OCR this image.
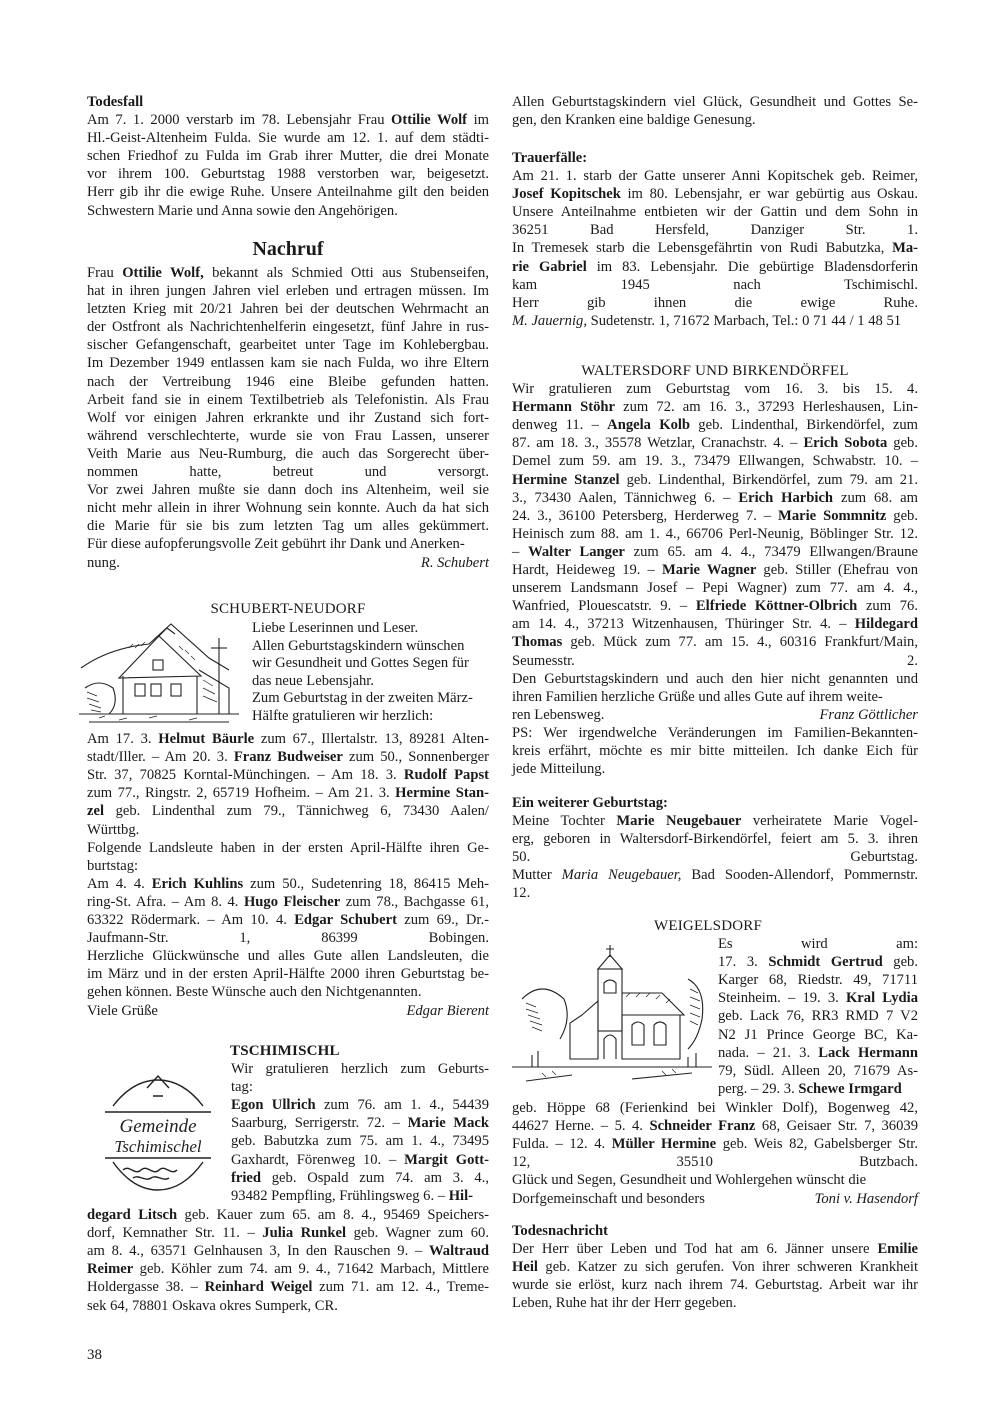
Todesfall

Am 7. 1. 2000 verstarb im 78. Lebensjahr Frau Ottilie Wolf im
Hl.-Geist-Altenheim Fulda. Sie wurde am 12. 1. auf dem städti-
schen Friedhof zu Fulda im Grab ihrer Mutter, die drei Monate
vor ihrem 100. Geburtstag 1988 verstorben war, beigesetzt.
Herr gib ihr die ewige Ruhe. Unsere Anteilnahme gilt den beiden
Schwestern Marie und Anna sowie den Angehörigen.

Nachruf

Frau Ottilie Wolf, bekannt als Schmied Otti aus Stubenseifen,
hat in ihren jungen Jahren viel erleben und ertragen müssen. Im
letzten Krieg mit 20/21 Jahren bei der deutschen Wehrmacht an
der Ostfront als Nachrichtenhelferin eingesetzt, fünf Jahre in rus-
sischer Gefangenschaft, gearbeitet unter Tage im Kohlebergbau.
Im Dezember 1949 entlassen kam sie nach Fulda, wo ihre Eltern
nach der Vertreibung 1946 eine Bleibe gefunden hatten.
Arbeit fand sie in einem Textilbetrieb als Telefonistin. Als Frau
Wolf vor einigen Jahren erkrankte und ihr Zustand sich fort-
während verschlechterte, wurde sie von Frau Lassen, unserer
Veith Marie aus Neu-Rumburg, die auch das Sorgerecht über-
nommen hatte, betreut und versorgt.
Vor zwei Jahren mußte sie dann doch ins Altenheim, weil sie
nicht mehr allein in ihrer Wohnung sein konnte. Auch da hat sich
die Marie für sie bis zum letzten Tag um alles gekümmert.
Für diese aufopferungsvolle Zeit gebührt ihr Dank und Anerken-
nung.	R. Schubert

SCHUBERT-NEUDORF

Liebe Leserinnen und Leser.
Allen Geburtstagskindern wünschen
wir Gesundheit und Gottes Segen für
das neue Lebensjahr.
Zum Geburtstag in der zweiten März-
Hälfte gratulieren wir herzlich:
Am 17. 3. Helmut Bäurle zum 67., Illertalstr. 13, 89281 Alten-
stadt/Iller. – Am 20. 3. Franz Budweiser zum 50., Sonnenberger
Str. 37, 70825 Korntal-Münchingen. – Am 18. 3. Rudolf Papst
zum 77., Ringstr. 2, 65719 Hofheim. – Am 21. 3. Hermine Stan-
zel geb. Lindenthal zum 79., Tännichweg 6, 73430 Aalen/
Württbg.
Folgende Landsleute haben in der ersten April-Hälfte ihren Ge-
burtstag:
Am 4. 4. Erich Kuhlins zum 50., Sudetenring 18, 86415 Meh-
ring-St. Afra. – Am 8. 4. Hugo Fleischer zum 78., Bachgasse 61,
63322 Rödermark. – Am 10. 4. Edgar Schubert zum 69., Dr.-
Jaufmann-Str. 1, 86399 Bobingen.
Herzliche Glückwünsche und alles Gute allen Landsleuten, die
im März und in der ersten April-Hälfte 2000 ihren Geburtstag be-
gehen können. Beste Wünsche auch den Nichtgenannten.
Viele Grüße	Edgar Bierent

TSCHIMISCHL

Gemeinde
Tschimischel
Wir gratulieren herzlich zum Geburts-
tag:
Egon Ullrich zum 76. am 1. 4., 54439
Saarburg, Serrigerstr. 72. – Marie Mack
geb. Babutzka zum 75. am 1. 4., 73495
Gaxhardt, Förenweg 10. – Margit Gott-
fried geb. Ospald zum 74. am 3. 4.,
93482 Pempfling, Frühlingsweg 6. – Hil-
degard Litsch geb. Kauer zum 65. am 8. 4., 95469 Speichers-
dorf, Kemnather Str. 11. – Julia Runkel geb. Wagner zum 60.
am 8. 4., 63571 Gelnhausen 3, In den Rauschen 9. – Waltraud
Reimer geb. Köhler zum 74. am 9. 4., 71642 Marbach, Mittlere
Holdergasse 38. – Reinhard Weigel zum 71. am 12. 4., Treme-
sek 64, 78801 Oskava okres Sumperk, CR.
Allen Geburtstagskindern viel Glück, Gesundheit und Gottes Se-
gen, den Kranken eine baldige Genesung.

Trauerfälle:

Am 21. 1. starb der Gatte unserer Anni Kopitschek geb. Reimer,
Josef Kopitschek im 80. Lebensjahr, er war gebürtig aus Oskau.
Unsere Anteilnahme entbieten wir der Gattin und dem Sohn in
36251 Bad Hersfeld, Danziger Str. 1.
In Tremesek starb die Lebensgefährtin von Rudi Babutzka, Ma-
rie Gabriel im 83. Lebensjahr. Die gebürtige Bladensdorferin
kam 1945 nach Tschimischl.
Herr gib ihnen die ewige Ruhe.
M. Jauernig, Sudetenstr. 1, 71672 Marbach, Tel.: 0 71 44 / 1 48 51

WALTERSDORF UND BIRKENDÖRFEL

Wir gratulieren zum Geburtstag vom 16. 3. bis 15. 4.
Hermann Stöhr zum 72. am 16. 3., 37293 Herleshausen, Lin-
denweg 11. – Angela Kolb geb. Lindenthal, Birkendörfel, zum
87. am 18. 3., 35578 Wetzlar, Cranachstr. 4. – Erich Sobota geb.
Demel zum 59. am 19. 3., 73479 Ellwangen, Schwabstr. 10. –
Hermine Stanzel geb. Lindenthal, Birkendörfel, zum 79. am 21.
3., 73430 Aalen, Tännichweg 6. – Erich Harbich zum 68. am
24. 3., 36100 Petersberg, Herderweg 7. – Marie Sommnitz geb.
Heinisch zum 88. am 1. 4., 66706 Perl-Neunig, Böblinger Str. 12.
– Walter Langer zum 65. am 4. 4., 73479 Ellwangen/Braune
Hardt, Heideweg 19. – Marie Wagner geb. Stiller (Ehefrau von
unserem Landsmann Josef – Pepi Wagner) zum 77. am 4. 4.,
Wanfried, Plouescatstr. 9. – Elfriede Köttner-Olbrich zum 76.
am 14. 4., 37213 Witzenhausen, Thüringer Str. 4. – Hildegard
Thomas geb. Mück zum 77. am 15. 4., 60316 Frankfurt/Main,
Seumesstr. 2.
Den Geburtstagskindern und auch den hier nicht genannten und
ihren Familien herzliche Grüße und alles Gute auf ihrem weite-
ren Lebensweg.	Franz Göttlicher
PS: Wer irgendwelche Veränderungen im Familien-Bekannten-
kreis erfährt, möchte es mir bitte mitteilen. Ich danke Eich für
jede Mitteilung.

Ein weiterer Geburtstag:

Meine Tochter Marie Neugebauer verheiratete Marie Vogel-
erg, geboren in Waltersdorf-Birkendörfel, feiert am 5. 3. ihren
50. Geburtstag.
Mutter Maria Neugebauer, Bad Sooden-Allendorf, Pommernstr.
12.

WEIGELSDORF

Es wird am:
17. 3. Schmidt Gertrud geb.
Karger 68, Riedstr. 49, 71711
Steinheim. – 19. 3. Kral Lydia
geb. Lack 76, RR3 RMD 7 V2
N2 J1 Prince George BC, Ka-
nada. – 21. 3. Lack Hermann
79, Südl. Alleen 20, 71679 As-
perg. – 29. 3. Schewe Irmgard
geb. Höppe 68 (Ferienkind bei Winkler Dolf), Bogenweg 42,
44627 Herne. – 5. 4. Schneider Franz 68, Geisaer Str. 7, 36039
Fulda. – 12. 4. Müller Hermine geb. Weis 82, Gabelsberger Str.
12, 35510 Butzbach.
Glück und Segen, Gesundheit und Wohlergehen wünscht die
Dorfgemeinschaft und besonders	Toni v. Hasendorf

Todesnachricht

Der Herr über Leben und Tod hat am 6. Jänner unsere Emilie
Heil geb. Katzer zu sich gerufen. Von ihrer schweren Krankheit
wurde sie erlöst, kurz nach ihrem 74. Geburtstag. Arbeit war ihr
Leben, Ruhe hat ihr der Herr gegeben.
38
